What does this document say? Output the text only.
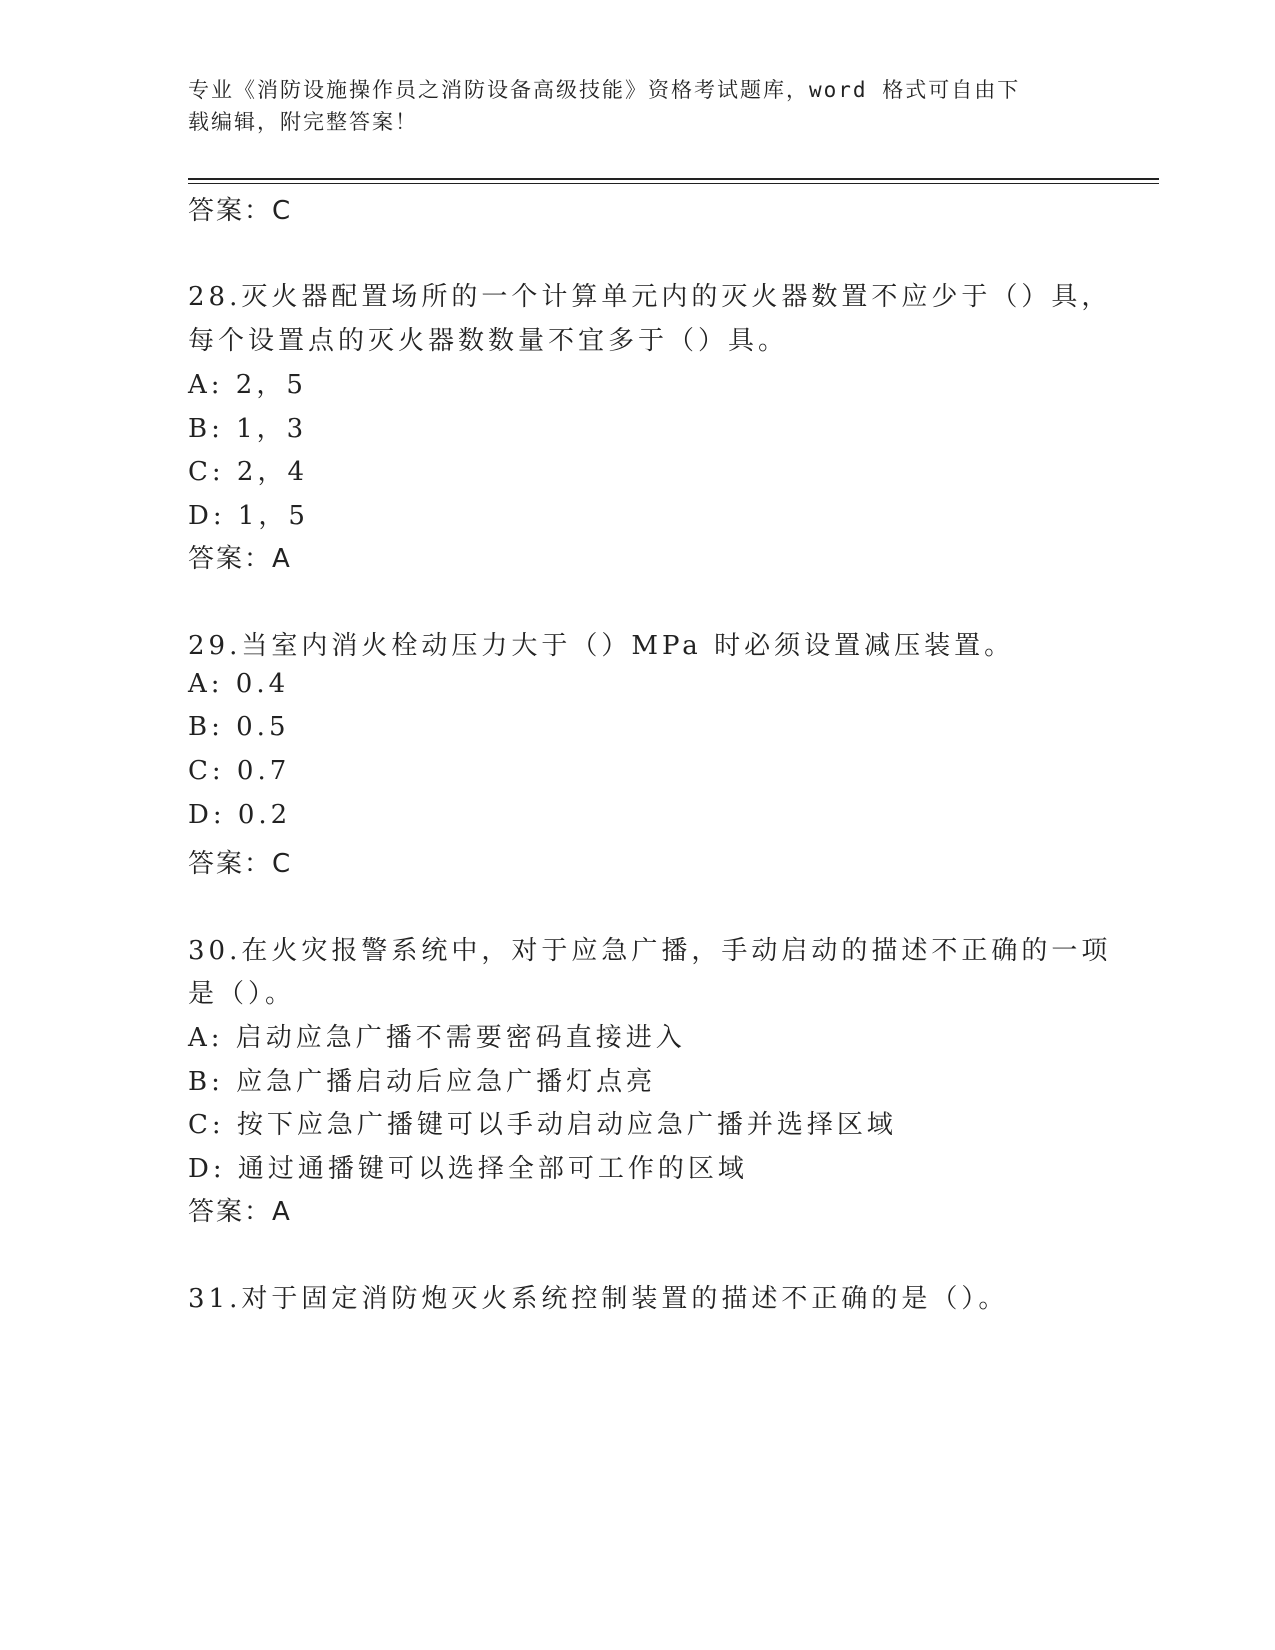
专业《消防设施操作员之消防设备高级技能》资格考试题库，word 格式可自由下
载编辑，附完整答案！
答案：C
28.灭火器配置场所的一个计算单元内的灭火器数置不应少于（）具，
每个设置点的灭火器数数量不宜多于（）具。
A: 2，5
B: 1，3
C: 2，4
D: 1，5
答案：A
29.当室内消火栓动压力大于（）MPa 时必须设置减压装置。
A: 0.4
B: 0.5
C: 0.7
D: 0.2
答案：C
30.在火灾报警系统中，对于应急广播，手动启动的描述不正确的一项
是（）。
A: 启动应急广播不需要密码直接进入
B: 应急广播启动后应急广播灯点亮
C: 按下应急广播键可以手动启动应急广播并选择区域
D: 通过通播键可以选择全部可工作的区域
答案：A
31.对于固定消防炮灭火系统控制装置的描述不正确的是（）。
